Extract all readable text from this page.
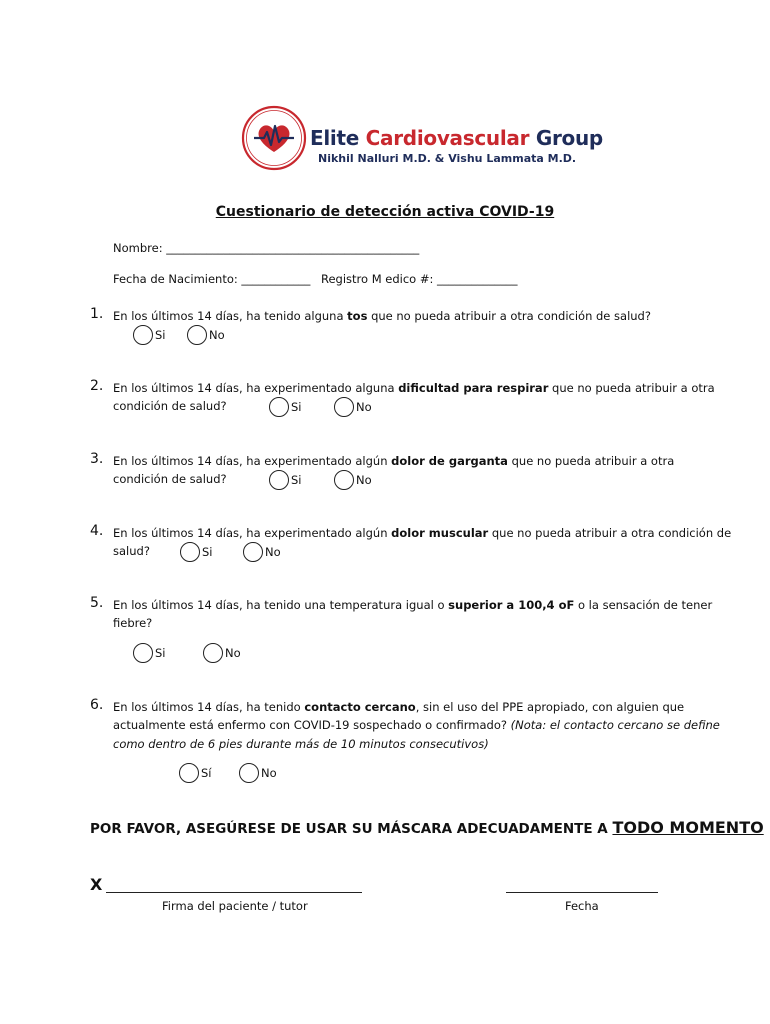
Elite Cardiovascular Group
Nikhil Nalluri M.D. & Vishu Lammata M.D.
Cuestionario de detección activa COVID-19
Nombre: ____________________________________________
Fecha de Nacimiento: ____________ Registro M edico #: ______________
1. En los últimos 14 días, ha tenido alguna tos que no pueda atribuir a otra condición de salud?
Si	No
2. En los últimos 14 días, ha experimentado alguna dificultad para respirar que no pueda atribuir a otra
condición de salud?	Si	No
3. En los últimos 14 días, ha experimentado algún dolor de garganta que no pueda atribuir a otra
condición de salud?	Si	No
4. En los últimos 14 días, ha experimentado algún dolor muscular que no pueda atribuir a otra condición de
salud?	Si	No
5. En los últimos 14 días, ha tenido una temperatura igual o superior a 100,4 oF o la sensación de tener
fiebre?
Si	No
6. En los últimos 14 días, ha tenido contacto cercano, sin el uso del PPE apropiado, con alguien que
actualmente está enfermo con COVID-19 sospechado o confirmado? (Nota: el contacto cercano se define
como dentro de 6 pies durante más de 10 minutos consecutivos)
Sí	No
POR FAVOR, ASEGÚRESE DE USAR SU MÁSCARA ADECUADAMENTE A TODO MOMENTO
X
Firma del paciente / tutor	Fecha
